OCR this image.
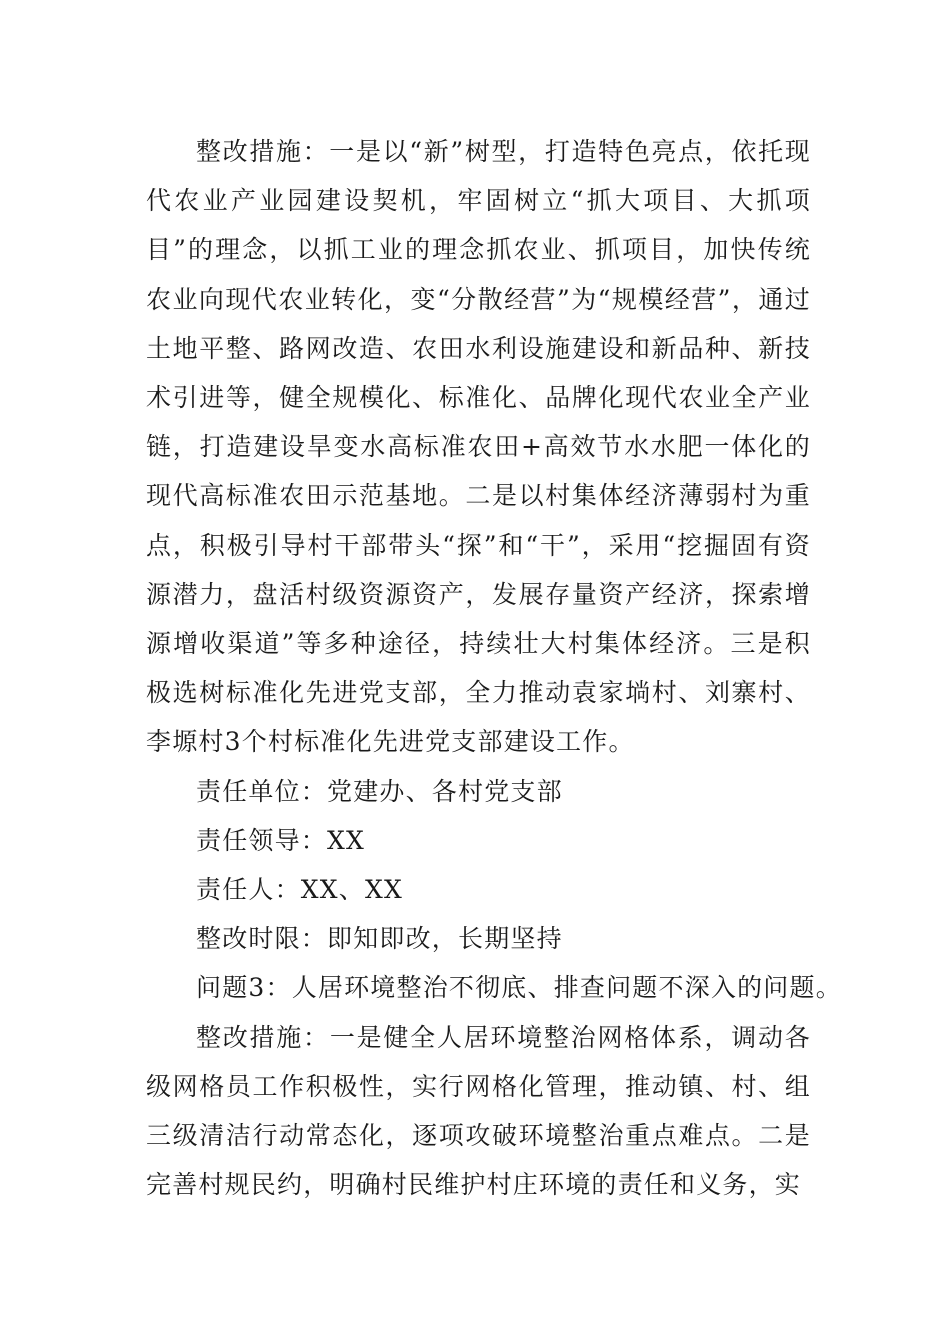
整改措施：一是以“新”树型，打造特色亮点，依托现代农业产业园建设契机，牢固树立“抓大项目、大抓项目”的理念，以抓工业的理念抓农业、抓项目，加快传统农业向现代农业转化，变“分散经营”为“规模经营”，通过土地平整、路网改造、农田水利设施建设和新品种、新技术引进等，健全规模化、标准化、品牌化现代农业全产业链，打造建设旱变水高标准农田+高效节水水肥一体化的现代高标准农田示范基地。二是以村集体经济薄弱村为重点，积极引导村干部带头“探”和“干”，采用“挖掘固有资源潜力，盘活村级资源资产，发展存量资产经济，探索增源增收渠道”等多种途径，持续壮大村集体经济。三是积极选树标准化先进党支部，全力推动袁家埫村、刘寨村、李塬村3个村标准化先进党支部建设工作。

责任单位：党建办、各村党支部

责任领导：XX

责任人：XX、XX

整改时限：即知即改，长期坚持

问题3：人居环境整治不彻底、排查问题不深入的问题。

整改措施：一是健全人居环境整治网格体系，调动各级网格员工作积极性，实行网格化管理，推动镇、村、组三级清洁行动常态化，逐项攻破环境整治重点难点。二是完善村规民约，明确村民维护村庄环境的责任和义务，实
